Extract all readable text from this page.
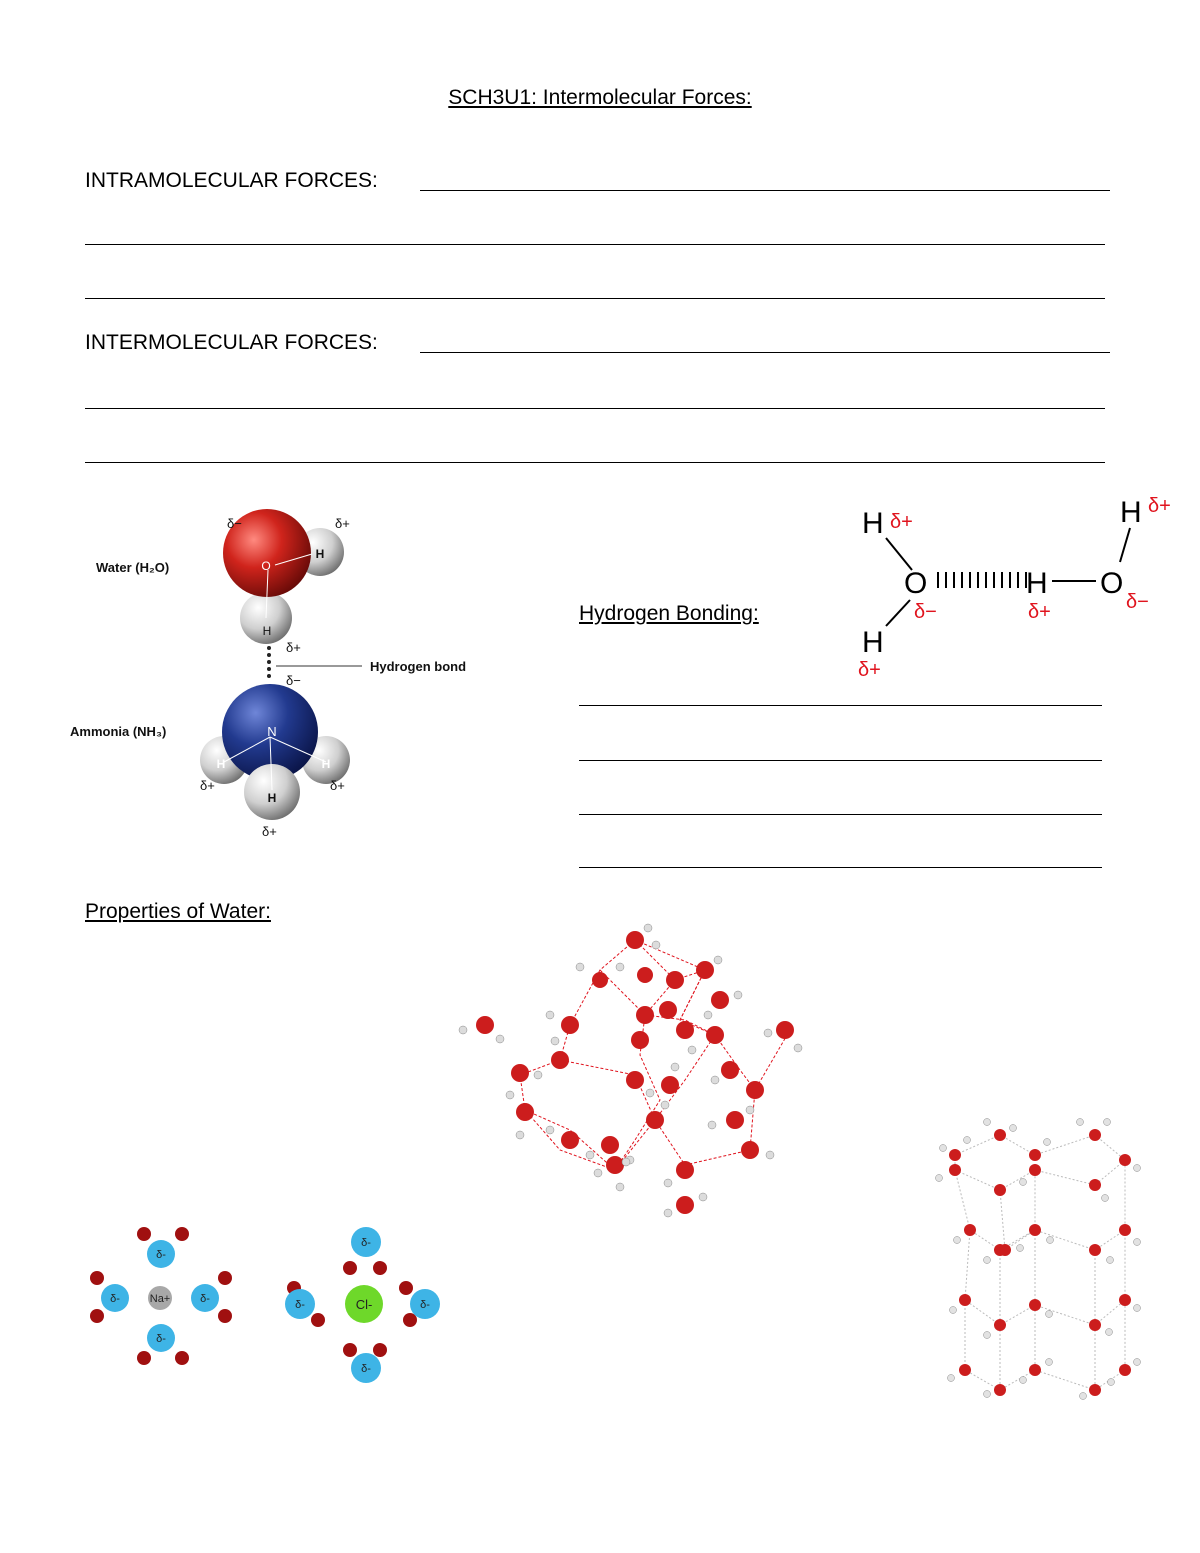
SCH3U1: Intermolecular Forces:
INTRAMOLECULAR FORCES:
INTERMOLECULAR FORCES:
O
H
H
δ−	δ+
Water (H₂O)
δ+
δ−
Hydrogen bond
N
H	H
H
Ammonia (NH₃)
δ+	δ+
δ+
Hydrogen Bonding:
H δ+
O
δ−
H
δ+
H
δ+
O
δ−
H δ+
Properties of Water:
Na+
δ-
δ-	δ-
δ-
Cl-
δ-
δ-	δ-
δ-
